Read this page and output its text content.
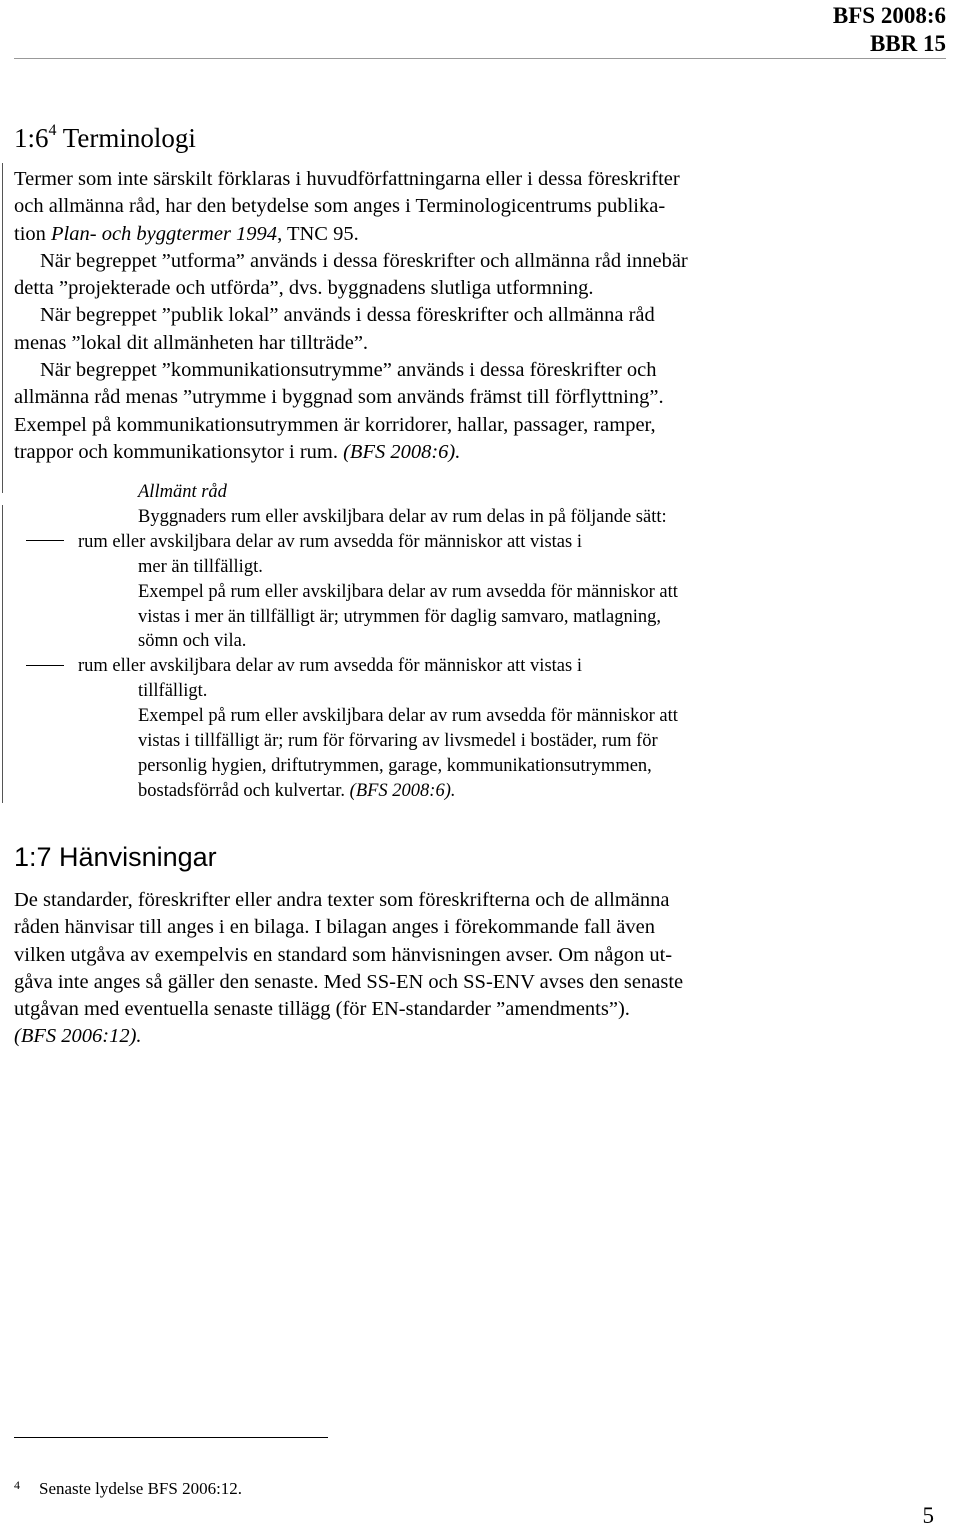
BFS 2008:6
BBR 15
$1:6^4$ Terminologi
Termer som inte särskilt förklaras i huvudförfattningarna eller i dessa föreskrifter
och allmänna råd, har den betydelse som anges i Terminologicentrums publika-
tion Plan- och byggtermer 1994, TNC 95.
När begreppet ”utforma” används i dessa föreskrifter och allmänna råd innebär
detta ”projekterade och utförda”, dvs. byggnadens slutliga utformning.
När begreppet ”publik lokal” används i dessa föreskrifter och allmänna råd
menas ”lokal dit allmänheten har tillträde”.
När begreppet ”kommunikationsutrymme” används i dessa föreskrifter och
allmänna råd menas ”utrymme i byggnad som används främst till förflyttning”.
Exempel på kommunikationsutrymmen är korridorer, hallar, passager, ramper,
trappor och kommunikationsytor i rum. (BFS 2008:6).
Allmänt råd
Byggnaders rum eller avskiljbara delar av rum delas in på följande sätt:
rum eller avskiljbara delar av rum avsedda för människor att vistas i
mer än tillfälligt.
Exempel på rum eller avskiljbara delar av rum avsedda för människor att
vistas i mer än tillfälligt är; utrymmen för daglig samvaro, matlagning,
sömn och vila.
rum eller avskiljbara delar av rum avsedda för människor att vistas i
tillfälligt.
Exempel på rum eller avskiljbara delar av rum avsedda för människor att
vistas i tillfälligt är; rum för förvaring av livsmedel i bostäder, rum för
personlig hygien, driftutrymmen, garage, kommunikationsutrymmen,
bostadsförråd och kulvertar. (BFS 2008:6).
1:7 Hänvisningar
De standarder, föreskrifter eller andra texter som föreskrifterna och de allmänna
råden hänvisar till anges i en bilaga. I bilagan anges i förekommande fall även
vilken utgåva av exempelvis en standard som hänvisningen avser. Om någon ut-
gåva inte anges så gäller den senaste. Med SS-EN och SS-ENV avses den senaste
utgåvan med eventuella senaste tillägg (för EN-standarder ”amendments”).
(BFS 2006:12).
4 Senaste lydelse BFS 2006:12.
5
